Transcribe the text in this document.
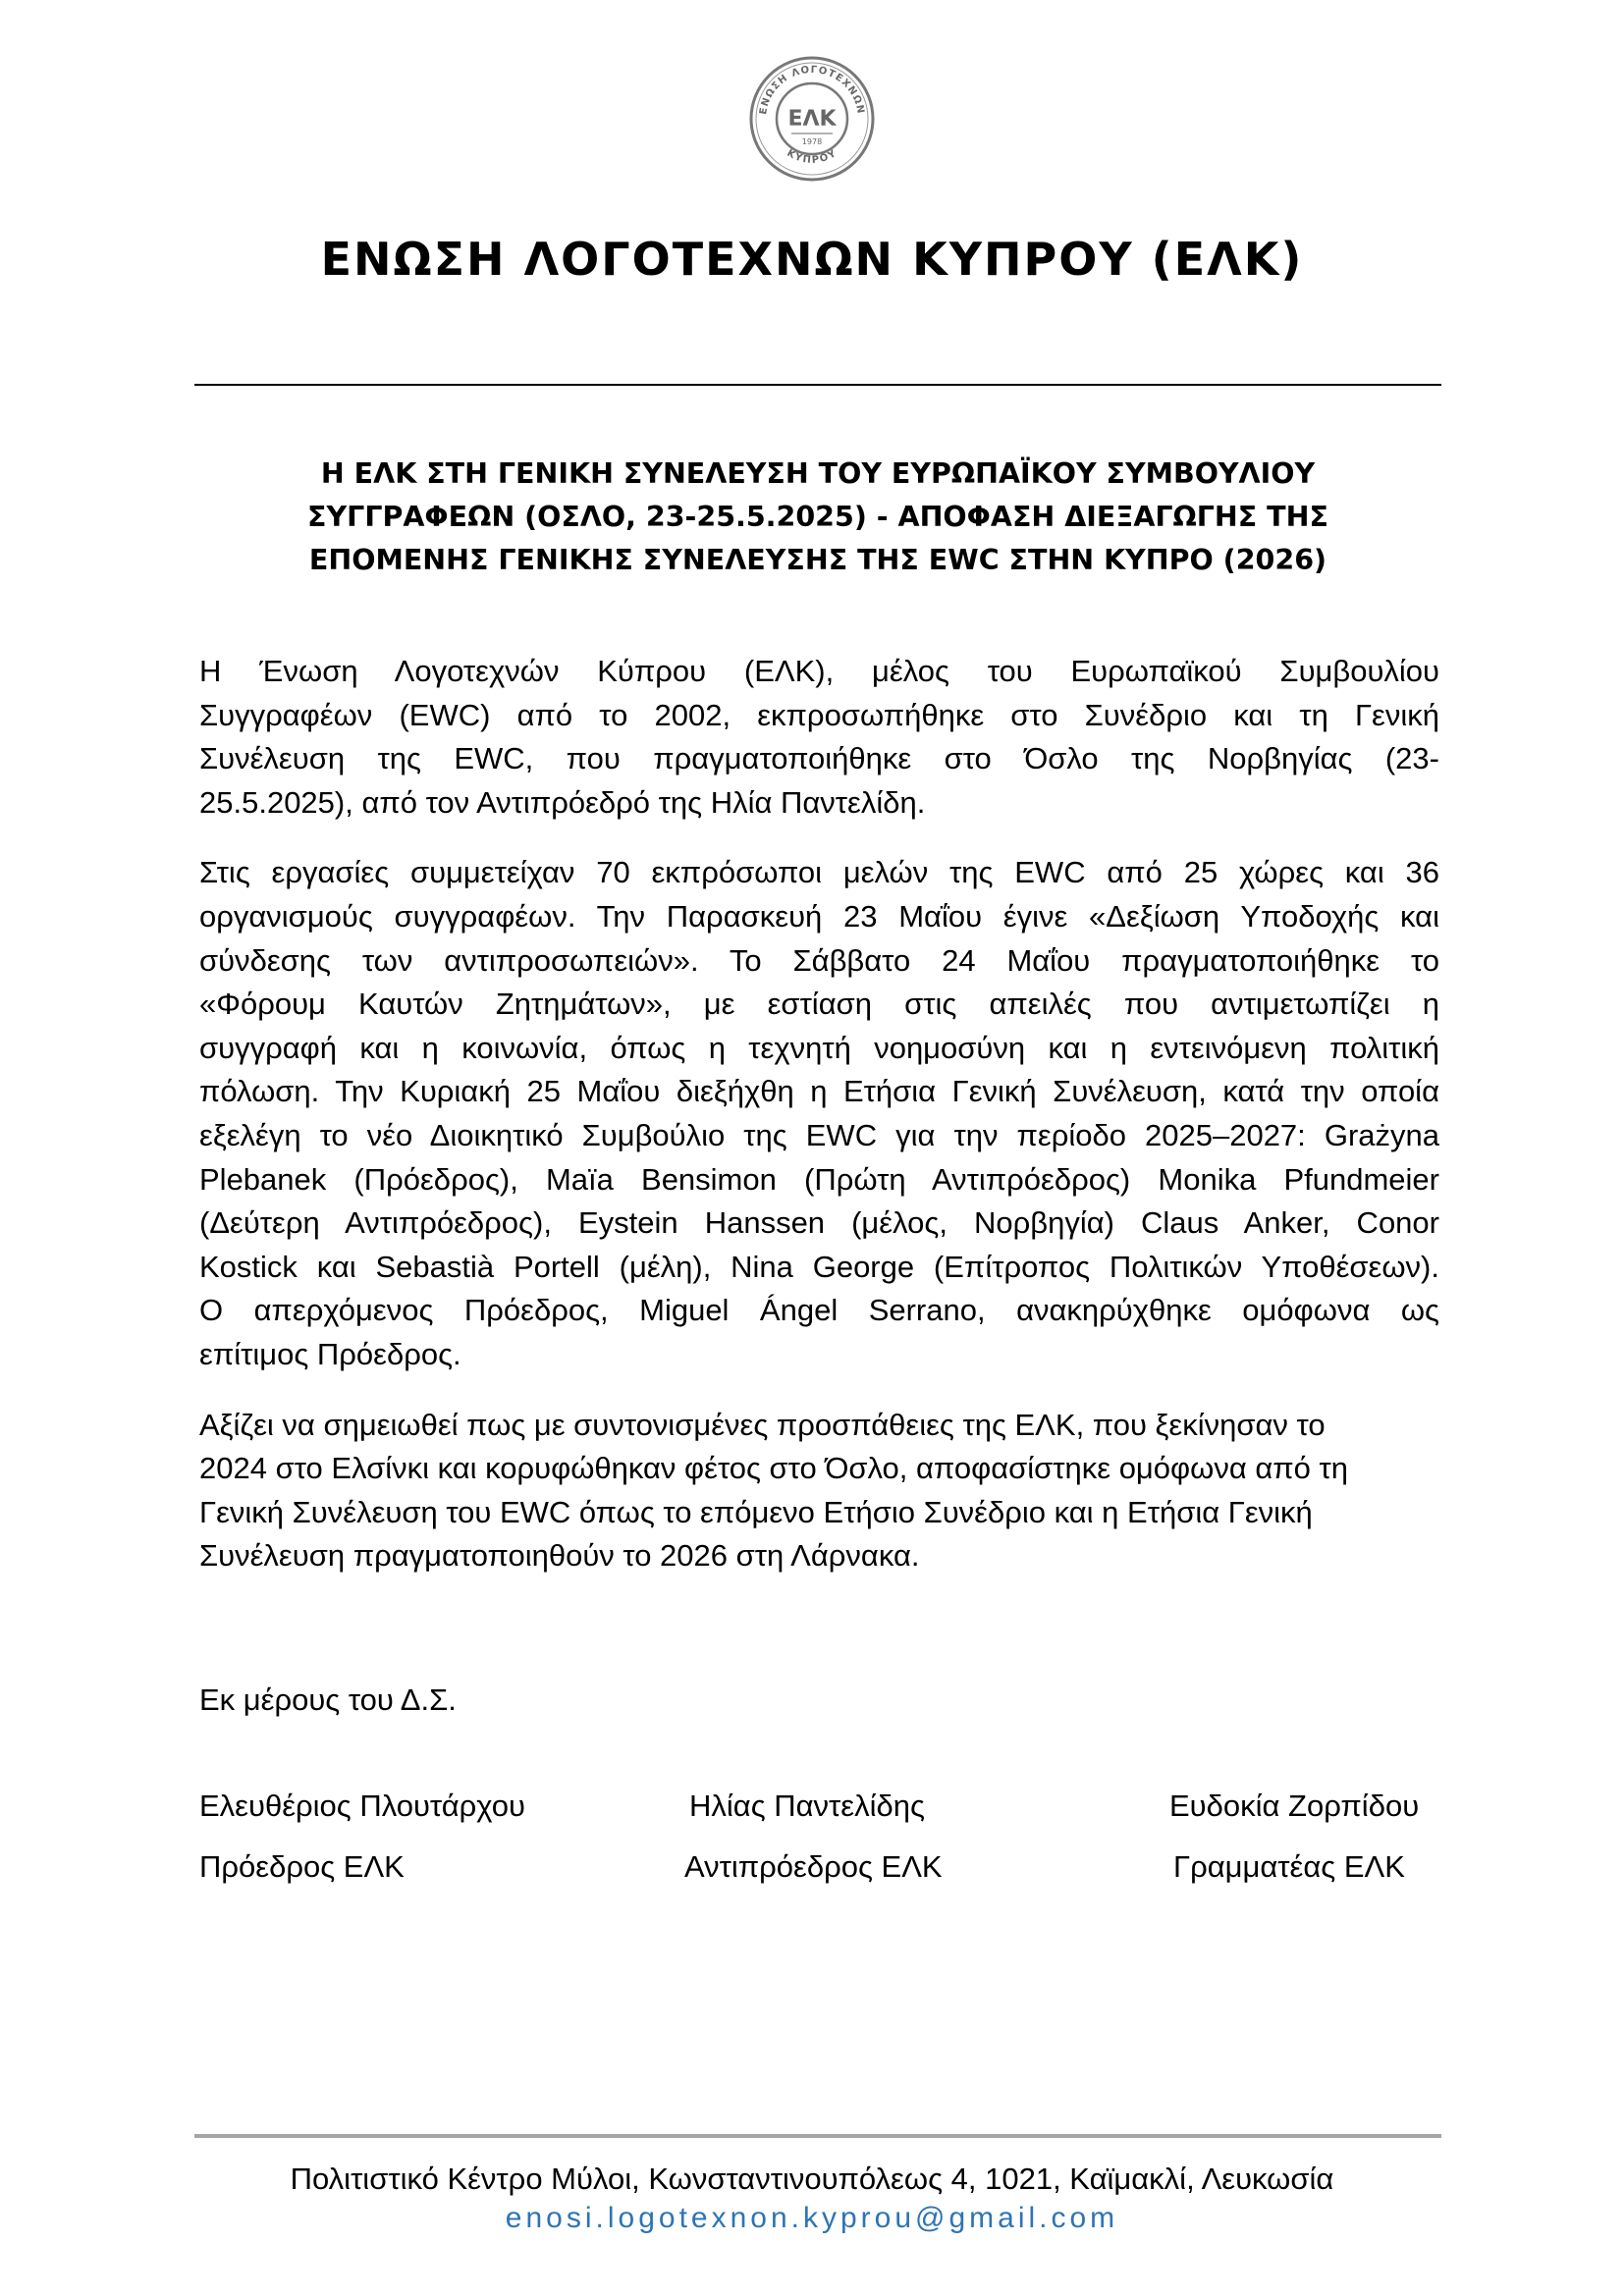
ΕΝΩΣΗ ΛΟΓΟΤΕΧΝΩΝ
ΚΥΠΡΟΥ
ΕΛΚ
1978
ΕΝΩΣΗ ΛΟΓΟΤΕΧΝΩΝ ΚΥΠΡΟΥ (ΕΛΚ)
Η ΕΛΚ ΣΤΗ ΓΕΝΙΚΗ ΣΥΝΕΛΕΥΣΗ ΤΟΥ ΕΥΡΩΠΑΪΚΟΥ ΣΥΜΒΟΥΛΙΟΥ
ΣΥΓΓΡΑΦΕΩΝ (ΟΣΛΟ, 23-25.5.2025) - ΑΠΟΦΑΣΗ ΔΙΕΞΑΓΩΓΗΣ ΤΗΣ
ΕΠΟΜΕΝΗΣ ΓΕΝΙΚΗΣ ΣΥΝΕΛΕΥΣΗΣ ΤΗΣ EWC ΣΤΗΝ ΚΥΠΡΟ (2026)

Η Ένωση Λογοτεχνών Κύπρου (ΕΛΚ), μέλος του Ευρωπαϊκού Συμβουλίου
Συγγραφέων (EWC) από το 2002, εκπροσωπήθηκε στο Συνέδριο και τη Γενική
Συνέλευση της EWC, που πραγματοποιήθηκε στο Όσλο της Νορβηγίας (23-
25.5.2025), από τον Αντιπρόεδρό της Ηλία Παντελίδη.

Στις εργασίες συμμετείχαν 70 εκπρόσωποι μελών της EWC από 25 χώρες και 36
οργανισμούς συγγραφέων. Την Παρασκευή 23 Μαΐου έγινε «Δεξίωση Υποδοχής και
σύνδεσης των αντιπροσωπειών». Το Σάββατο 24 Μαΐου πραγματοποιήθηκε το
«Φόρουμ Καυτών Ζητημάτων», με εστίαση στις απειλές που αντιμετωπίζει η
συγγραφή και η κοινωνία, όπως η τεχνητή νοημοσύνη και η εντεινόμενη πολιτική
πόλωση. Την Κυριακή 25 Μαΐου διεξήχθη η Ετήσια Γενική Συνέλευση, κατά την οποία
εξελέγη το νέο Διοικητικό Συμβούλιο της EWC για την περίοδο 2025–2027: Grażyna
Plebanek (Πρόεδρος), Maïa Bensimon (Πρώτη Αντιπρόεδρος) Monika Pfundmeier
(Δεύτερη Αντιπρόεδρος), Eystein Hanssen (μέλος, Νορβηγία) Claus Anker, Conor
Kostick και Sebastià Portell (μέλη), Nina George (Επίτροπος Πολιτικών Υποθέσεων).
Ο απερχόμενος Πρόεδρος, Miguel Ángel Serrano, ανακηρύχθηκε ομόφωνα ως
επίτιμος Πρόεδρος.

Αξίζει να σημειωθεί πως με συντονισμένες προσπάθειες της ΕΛΚ, που ξεκίνησαν το
2024 στο Ελσίνκι και κορυφώθηκαν φέτος στο Όσλο, αποφασίστηκε ομόφωνα από τη
Γενική Συνέλευση του EWC όπως το επόμενο Ετήσιο Συνέδριο και η Ετήσια Γενική
Συνέλευση πραγματοποιηθούν το 2026 στη Λάρνακα.

Εκ μέρους του Δ.Σ.
Ελευθέριος Πλουτάρχου
Πρόεδρος ΕΛΚ
Ηλίας Παντελίδης
Αντιπρόεδρος ΕΛΚ
Ευδοκία Ζορπίδου
Γραμματέας ΕΛΚ
Πολιτιστικό Κέντρο Μύλοι, Κωνσταντινουπόλεως 4, 1021, Καϊμακλί, Λευκωσία
enosi.logotexnon.kyprou@gmail.com
